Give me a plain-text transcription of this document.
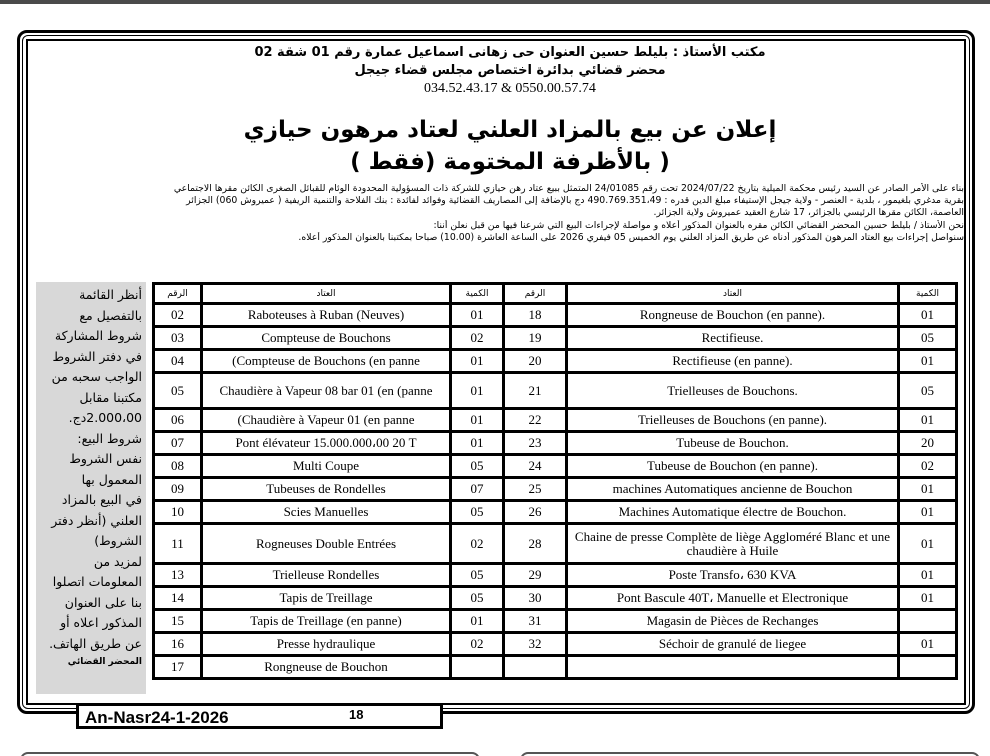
مكتب الأستاذ : بليلط حسين العنوان حى زهانى اسماعيل عمارة رقم 01 شقة 02
محضر قضائي بدائرة اختصاص مجلس قضاء جيجل
034.52.43.17 & 0550.00.57.74
إعلان عن بيع بالمزاد العلني لعتاد مرهون حيازي
( بالأظرفة المختومة (فقط )
بناء على الأمر الصادر عن السيد رئيس محكمة الميلية بتاريخ 2024/07/22 تحت رقم 24/01085 المتمثل ببيع عتاد رهن حيازي للشركة ذات المسؤولية المحدودة الوئام للقبائل الصغرى الكائن مقرها الاجتماعي
بقرية مدغري بلغيمور ، بلدية - العنصر - ولاية جيجل الإستيفاء مبلغ الدين قدره : 490.769.351،49 دج بالإضافة إلى المصاريف القضائية وفوائد لفائدة : بنك الفلاحة والتنمية الريفية ( عميروش 060) الجزائر
العاصمة، الكائن مقرها الرئيسي بالجزائر، 17 شارع العقيد عميروش ولاية الجزائر.
نحن الأستاذ / بليلط حسين المحضر القضائي الكائن مقره بالعنوان المذكور أعلاه و مواصلة لإجراءات البيع التي شرعنا فيها من قبل نعلن أننا:
سنواصل إجراءات بيع العتاد المرهون المذكور أدناه عن طريق المزاد العلني يوم الخميس 05 فيفري 2026 على الساعة العاشرة (10.00) صباحا بمكتبنا بالعنوان المذكور أعلاه.
أنظر القائمة
بالتفصيل مع
شروط المشاركة
في دفتر الشروط
الواجب سحبه من
مكتبنا مقابل
2.000،00دج.
شروط البيع:
نفس الشروط
المعمول بها
في البيع بالمزاد
العلني (أنظر دفتر
الشروط)
لمزيد من
المعلومات اتصلوا
بنا على العنوان
المذكور اعلاه أو
عن طريق الهاتف.
المحضر القضائي
الرقم	العتاد	الكمية	الرقم	العتاد	الكمية
02	Raboteuses à Ruban (Neuves)	01	18	Rongneuse de Bouchon (en panne).	01
03	Compteuse de Bouchons	02	19	Rectifieuse.	05
04	(Compteuse de Bouchons (en panne	01	20	Rectifieuse (en panne).	01
05	Chaudière à Vapeur 08 bar 01 (en (panne	01	21	Trielleuses de Bouchons.	05
06	(Chaudière à Vapeur 01 (en panne	01	22	Trielleuses de Bouchons (en panne).	01
07	Pont élévateur 15.000.000،00 20 T	01	23	Tubeuse de Bouchon.	20
08	Multi Coupe	05	24	Tubeuse de Bouchon (en panne).	02
09	Tubeuses de Rondelles	07	25	machines Automatiques ancienne de Bouchon	01
10	Scies Manuelles	05	26	Machines Automatique électre de Bouchon.	01
11	Rogneuses Double Entrées	02	28	Chaine de presse Complète de liège Aggloméré Blanc et une chaudière à Huile	01
13	Trielleuse Rondelles	05	29	Poste Transfo، 630 KVA	01
14	Tapis de Treillage	05	30	Pont Bascule 40T، Manuelle et Electronique	01
15	Tapis de Treillage (en panne)	01	31	Magasin de Pièces de Rechanges	
16	Presse hydraulique	02	32	Séchoir de granulé de liegee	01
17	Rongneuse de Bouchon				
An-Nasr24-1-2026	18
